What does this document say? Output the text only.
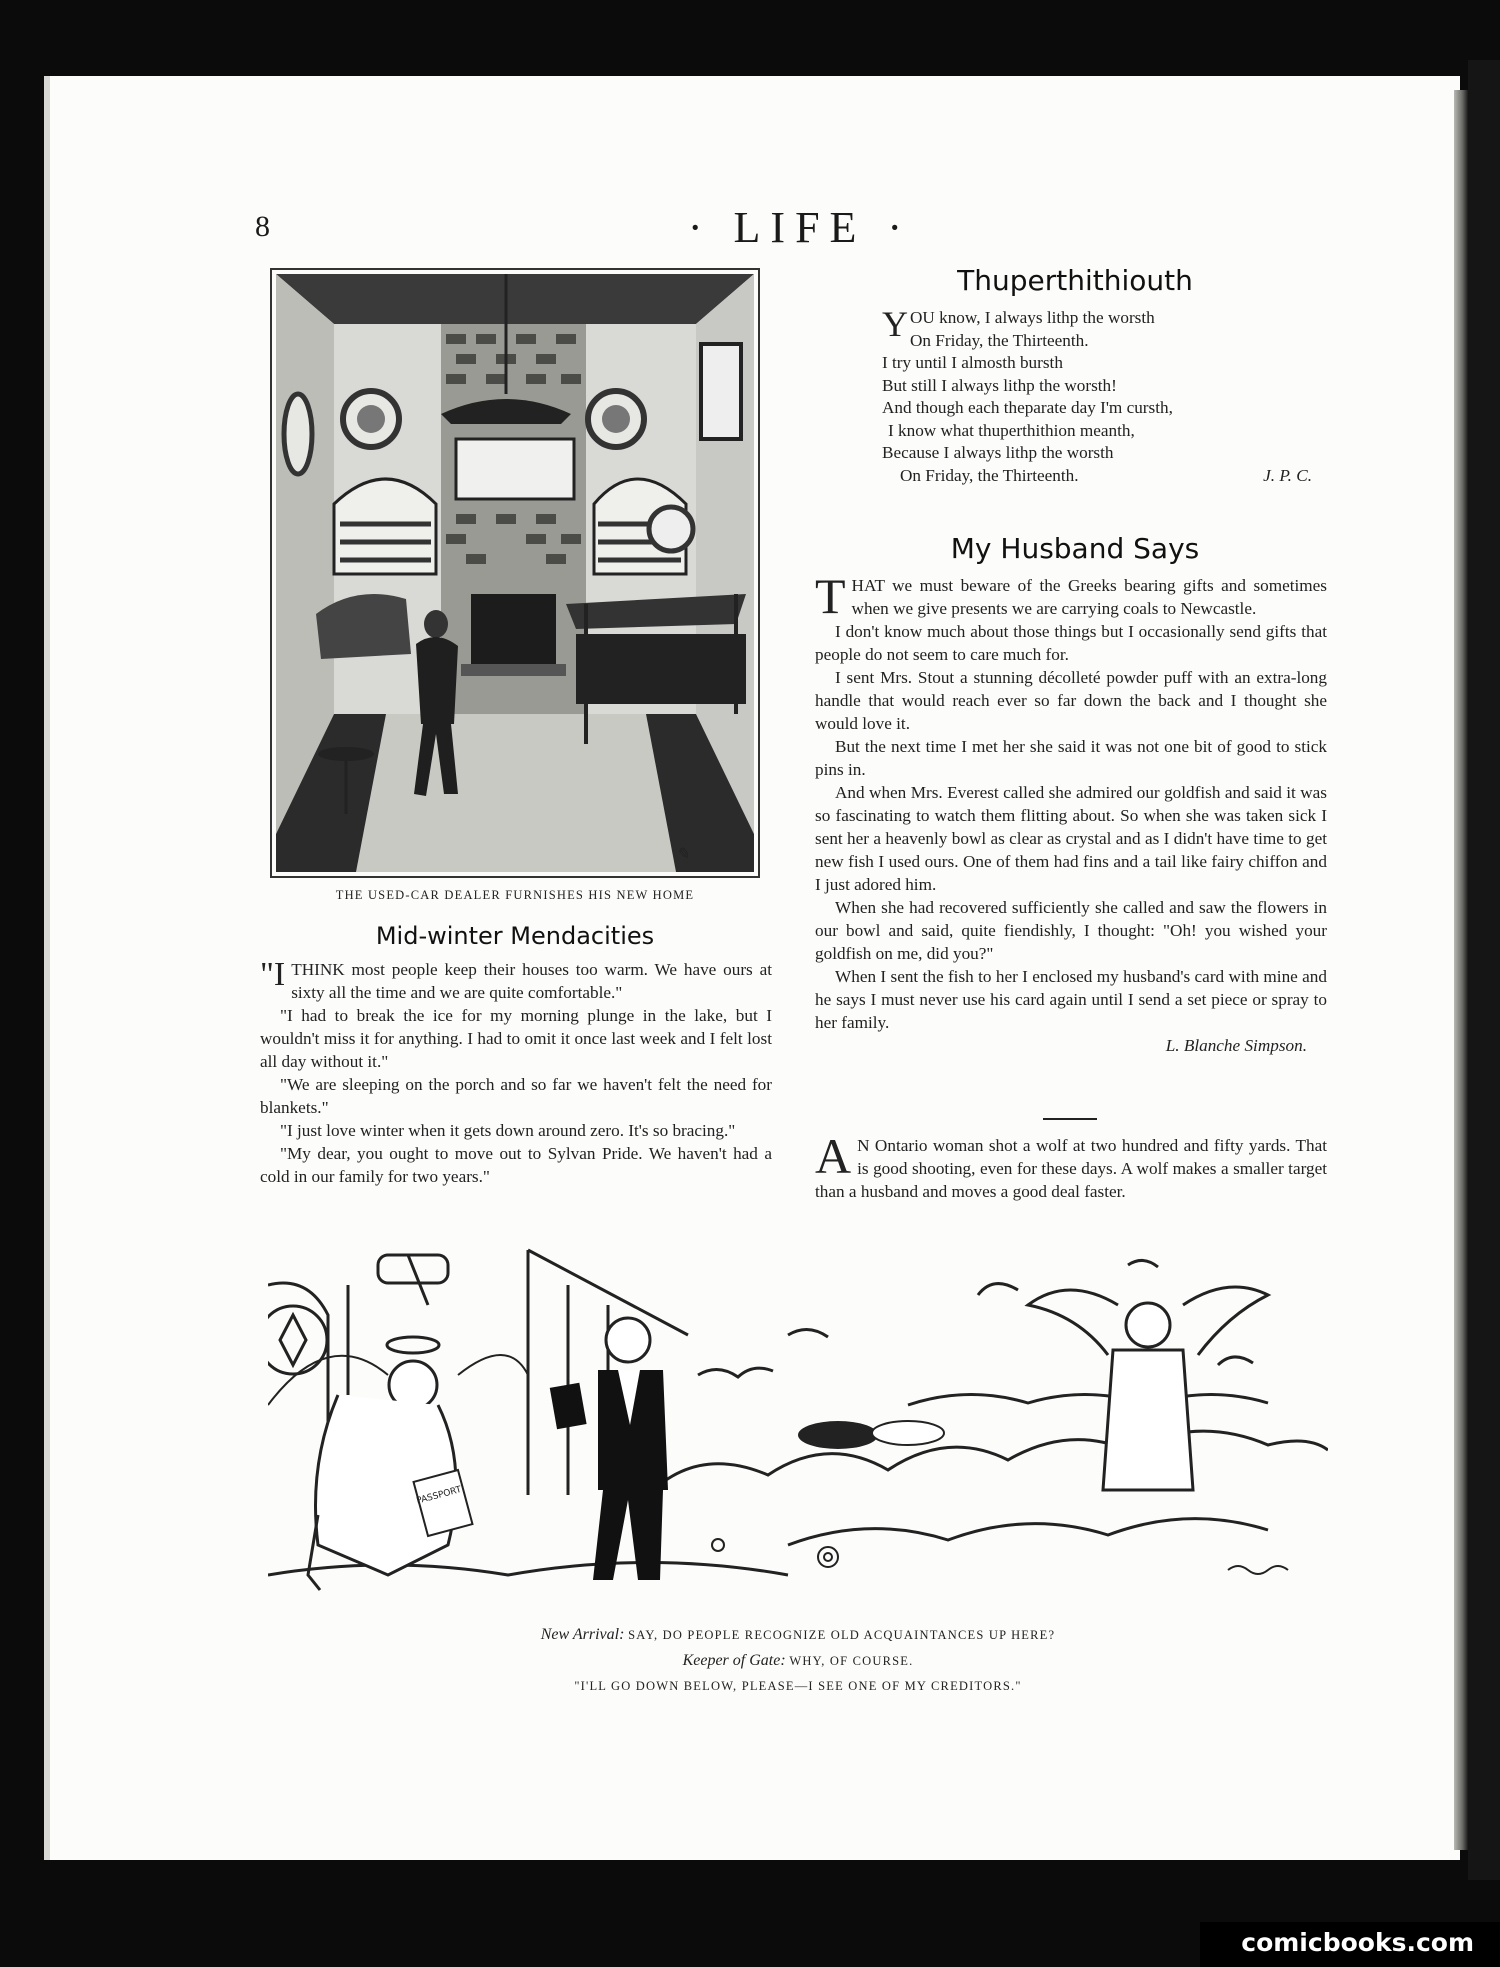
8	· LIFE ·
✎
THE USED-CAR DEALER FURNISHES HIS NEW HOME
Mid-winter Mendacities

"ITHINK most people keep their houses too warm. We have ours at sixty all the time and we are quite comfortable."

"I had to break the ice for my morning plunge in the lake, but I wouldn't miss it for anything. I had to omit it once last week and I felt lost all day without it."

"We are sleeping on the porch and so far we haven't felt the need for blankets."

"I just love winter when it gets down around zero. It's so bracing."

"My dear, you ought to move out to Sylvan Pride. We haven't had a cold in our family for two years."

Thuperthithiouth
YOU know, I always lithp the worsth
On Friday, the Thirteenth.
I try until I almosth bursth
But still I always lithp the worsth!
And though each theparate day I'm cursth,
I know what thuperthithion meanth,
Because I always lithp the worsth
On Friday, the Thirteenth.	J. P. C.
My Husband Says

THAT we must beware of the Greeks bearing gifts and sometimes when we give presents we are carrying coals to Newcastle.

I don't know much about those things but I occasionally send gifts that people do not seem to care much for.

I sent Mrs. Stout a stunning décolleté powder puff with an extra-long handle that would reach ever so far down the back and I thought she would love it.

But the next time I met her she said it was not one bit of good to stick pins in.

And when Mrs. Everest called she admired our goldfish and said it was so fascinating to watch them flitting about. So when she was taken sick I sent her a heavenly bowl as clear as crystal and as I didn't have time to get new fish I used ours. One of them had fins and a tail like fairy chiffon and I just adored him.

When she had recovered sufficiently she called and saw the flowers in our bowl and said, quite fiendishly, I thought: "Oh! you wished your goldfish on me, did you?"

When I sent the fish to her I enclosed my husband's card with mine and he says I must never use his card again until I send a set piece or spray to her family.

L. Blanche Simpson.

A N Ontario woman shot a wolf at two hundred and fifty yards. That is good shooting, even for these days. A wolf makes a smaller target than a husband and moves a good deal faster.

PASSPORT
New Arrival: SAY, DO PEOPLE RECOGNIZE OLD ACQUAINTANCES UP HERE?
Keeper of Gate: WHY, OF COURSE.
"I'LL GO DOWN BELOW, PLEASE—I SEE ONE OF MY CREDITORS."
comicbooks.com
